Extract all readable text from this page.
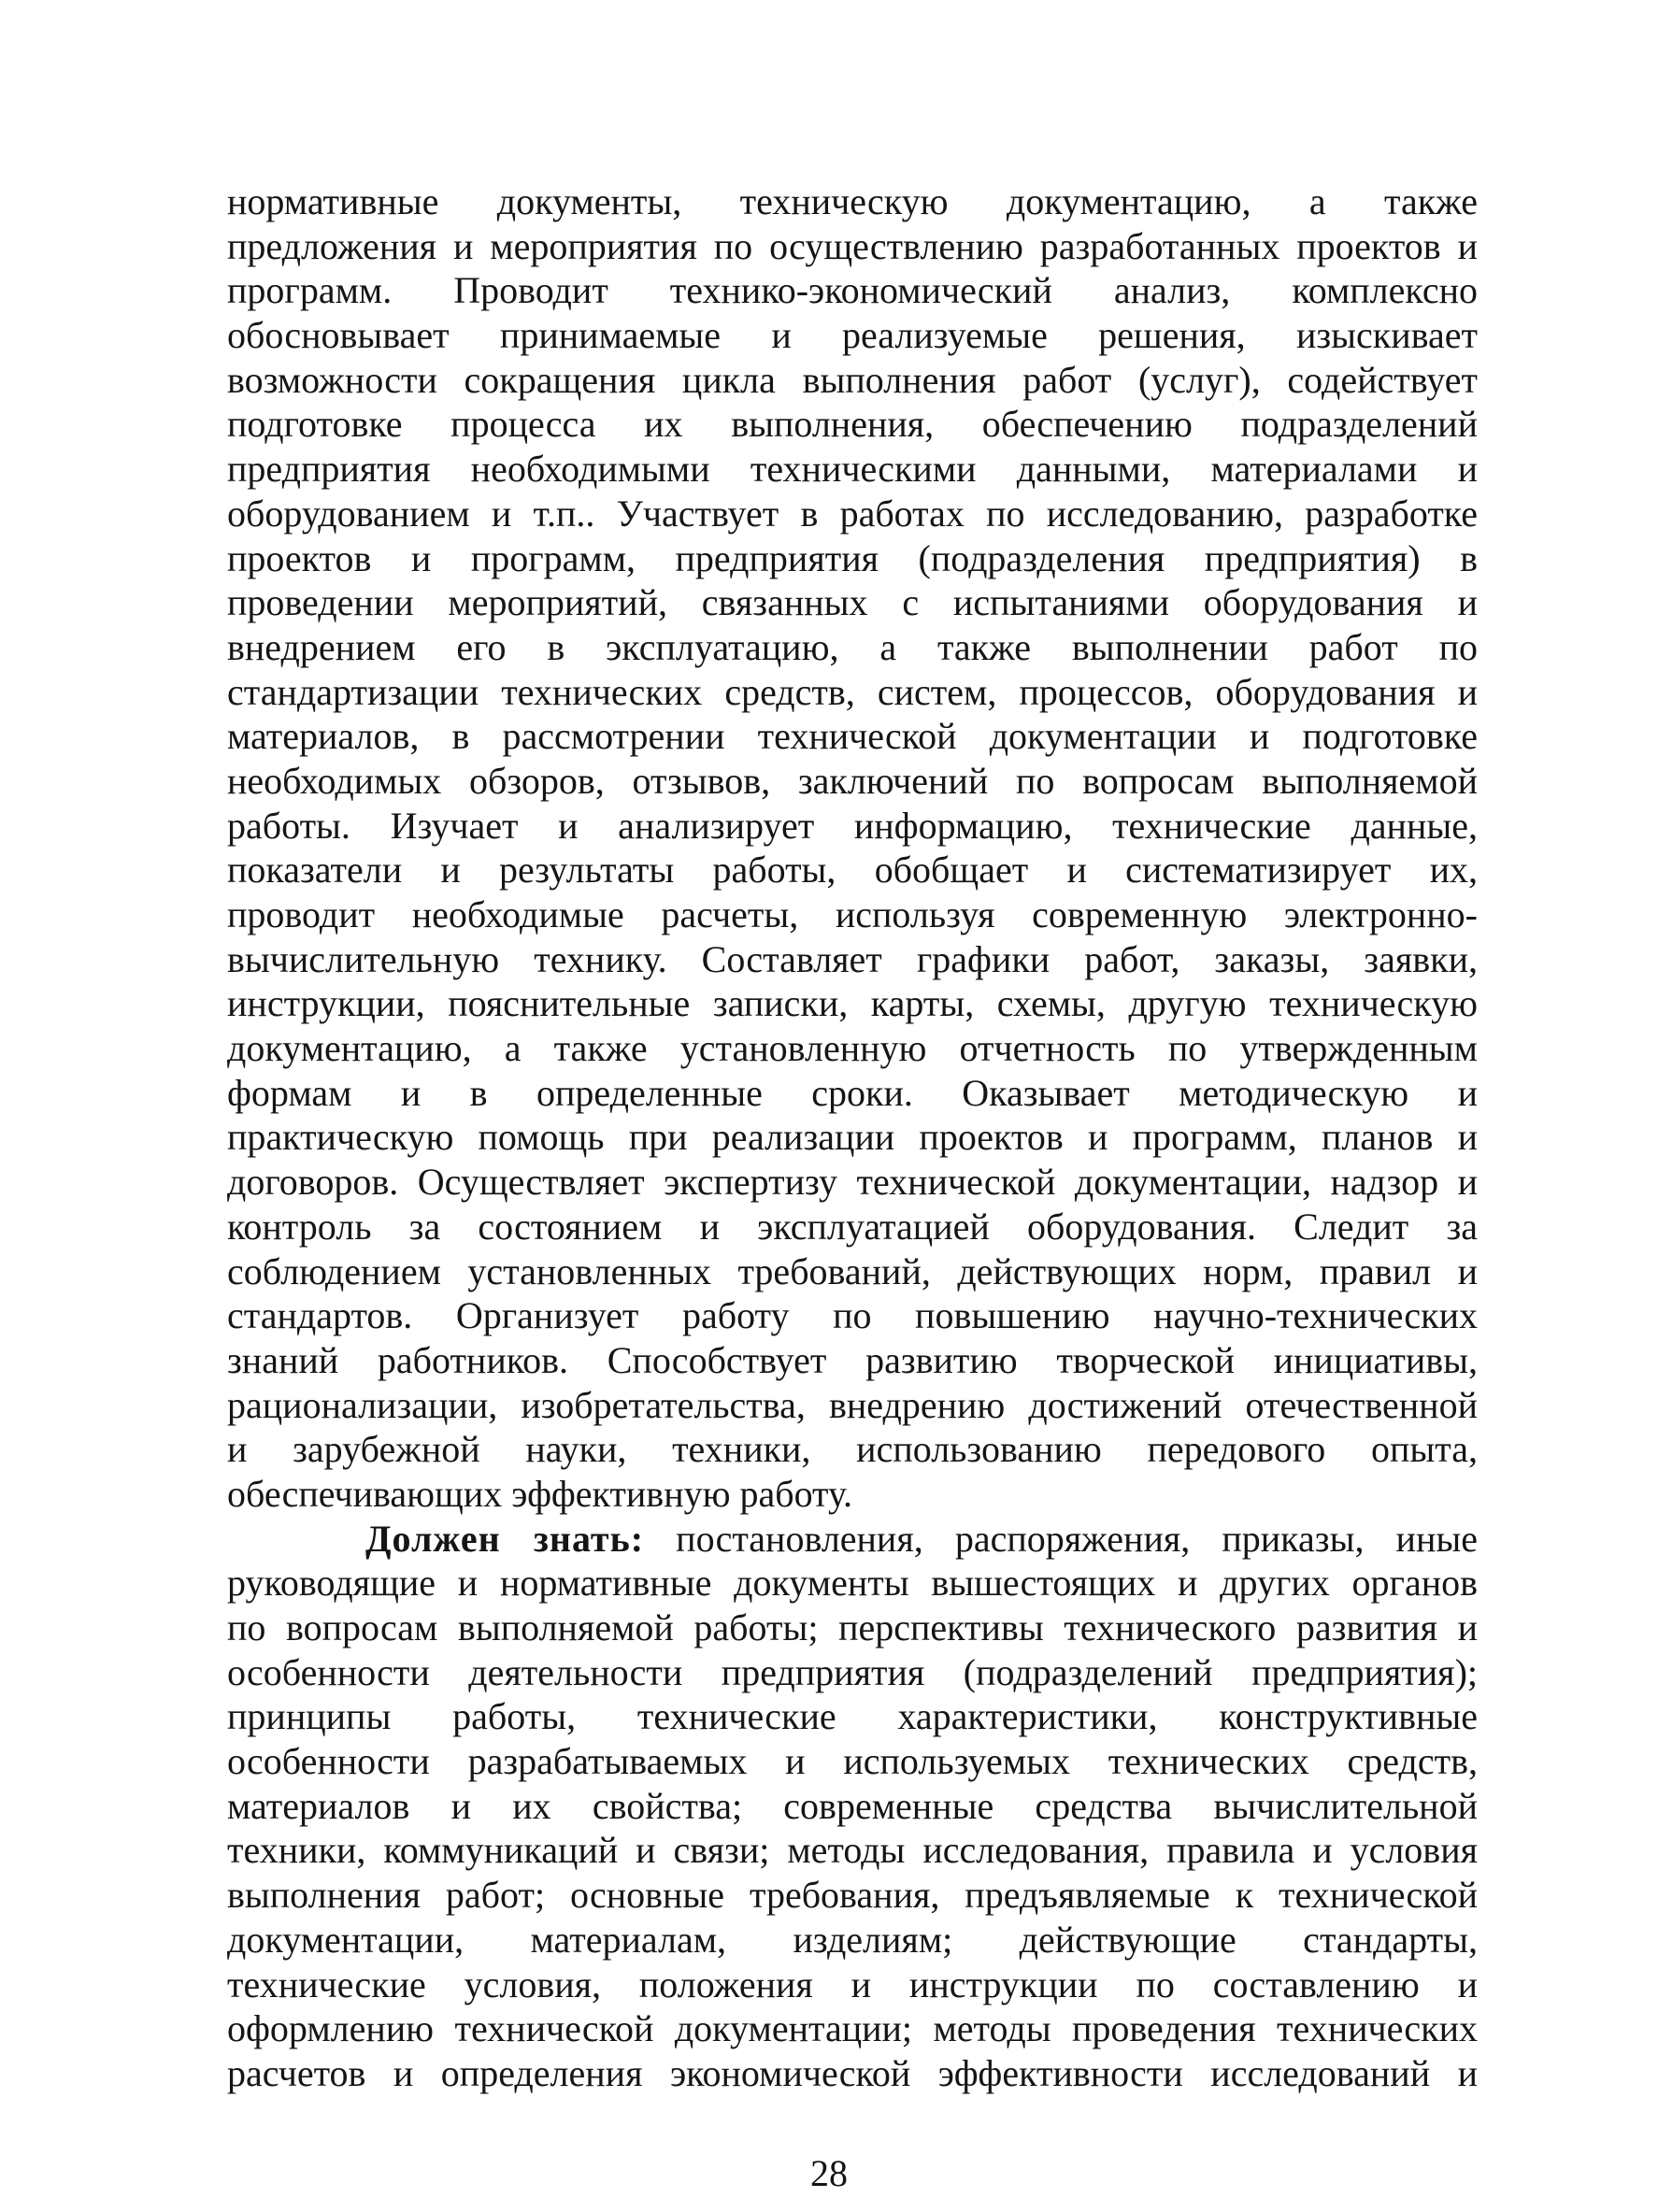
нормативные документы, техническую документацию, а также
предложения и мероприятия по осуществлению разработанных проектов и
программ. Проводит технико-экономический анализ, комплексно
обосновывает принимаемые и реализуемые решения, изыскивает
возможности сокращения цикла выполнения работ (услуг), содействует
подготовке процесса их выполнения, обеспечению подразделений
предприятия необходимыми техническими данными, материалами и
оборудованием и т.п.. Участвует в работах по исследованию, разработке
проектов и программ, предприятия (подразделения предприятия) в
проведении мероприятий, связанных с испытаниями оборудования и
внедрением его в эксплуатацию, а также выполнении работ по
стандартизации технических средств, систем, процессов, оборудования и
материалов, в рассмотрении технической документации и подготовке
необходимых обзоров, отзывов, заключений по вопросам выполняемой
работы. Изучает и анализирует информацию, технические данные,
показатели и результаты работы, обобщает и систематизирует их,
проводит необходимые расчеты, используя современную электронно-
вычислительную технику. Составляет графики работ, заказы, заявки,
инструкции, пояснительные записки, карты, схемы, другую техническую
документацию, а также установленную отчетность по утвержденным
формам и в определенные сроки. Оказывает методическую и
практическую помощь при реализации проектов и программ, планов и
договоров. Осуществляет экспертизу технической документации, надзор и
контроль за состоянием и эксплуатацией оборудования. Следит за
соблюдением установленных требований, действующих норм, правил и
стандартов. Организует работу по повышению научно-технических
знаний работников. Способствует развитию творческой инициативы,
рационализации, изобретательства, внедрению достижений отечественной
и зарубежной науки, техники, использованию передового опыта,
обеспечивающих эффективную работу.
Должен знать: постановления, распоряжения, приказы, иные
руководящие и нормативные документы вышестоящих и других органов
по вопросам выполняемой работы; перспективы технического развития и
особенности деятельности предприятия (подразделений предприятия);
принципы работы, технические характеристики, конструктивные
особенности разрабатываемых и используемых технических средств,
материалов и их свойства; современные средства вычислительной
техники, коммуникаций и связи; методы исследования, правила и условия
выполнения работ; основные требования, предъявляемые к технической
документации, материалам, изделиям; действующие стандарты,
технические условия, положения и инструкции по составлению и
оформлению технической документации; методы проведения технических
расчетов и определения экономической эффективности исследований и
28
